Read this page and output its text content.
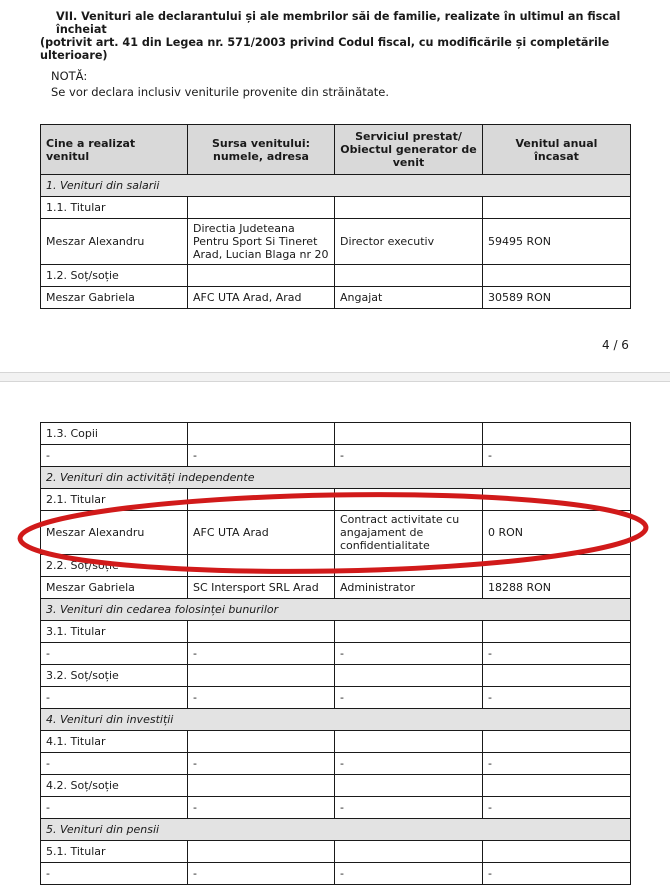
VII. Venituri ale declarantului și ale membrilor săi de familie, realizate în ultimul an fiscal încheiat
(potrivit art. 41 din Legea nr. 571/2003 privind Codul fiscal, cu modificările și completările
ulterioare)
NOTĂ:
Se vor declara inclusiv veniturile provenite din străinătate.
Cine a realizat venitul	Sursa venitului:
numele, adresa	Serviciul prestat/
Obiectul generator de
venit	Venitul anual
încasat
1. Venituri din salarii			
1.1. Titular			
Meszar Alexandru	Directia Judeteana
Pentru Sport Si Tineret
Arad, Lucian Blaga nr 20	Director executiv	59495 RON
1.2. Soț/soție			
Meszar Gabriela	AFC UTA Arad, Arad	Angajat	30589 RON
4 / 6
1.3. Copii			
-	-	-	-
2. Venituri din activități independente			
2.1. Titular			
Meszar Alexandru	AFC UTA Arad	Contract activitate cu
angajament de
confidentialitate	0 RON
2.2. Soț/soție			
Meszar Gabriela	SC Intersport SRL Arad	Administrator	18288 RON
3. Venituri din cedarea folosinței bunurilor			
3.1. Titular			
-	-	-	-
3.2. Soț/soție			
-	-	-	-
4. Venituri din investiții			
4.1. Titular			
-	-	-	-
4.2. Soț/soție			
-	-	-	-
5. Venituri din pensii			
5.1. Titular			
-	-	-	-
